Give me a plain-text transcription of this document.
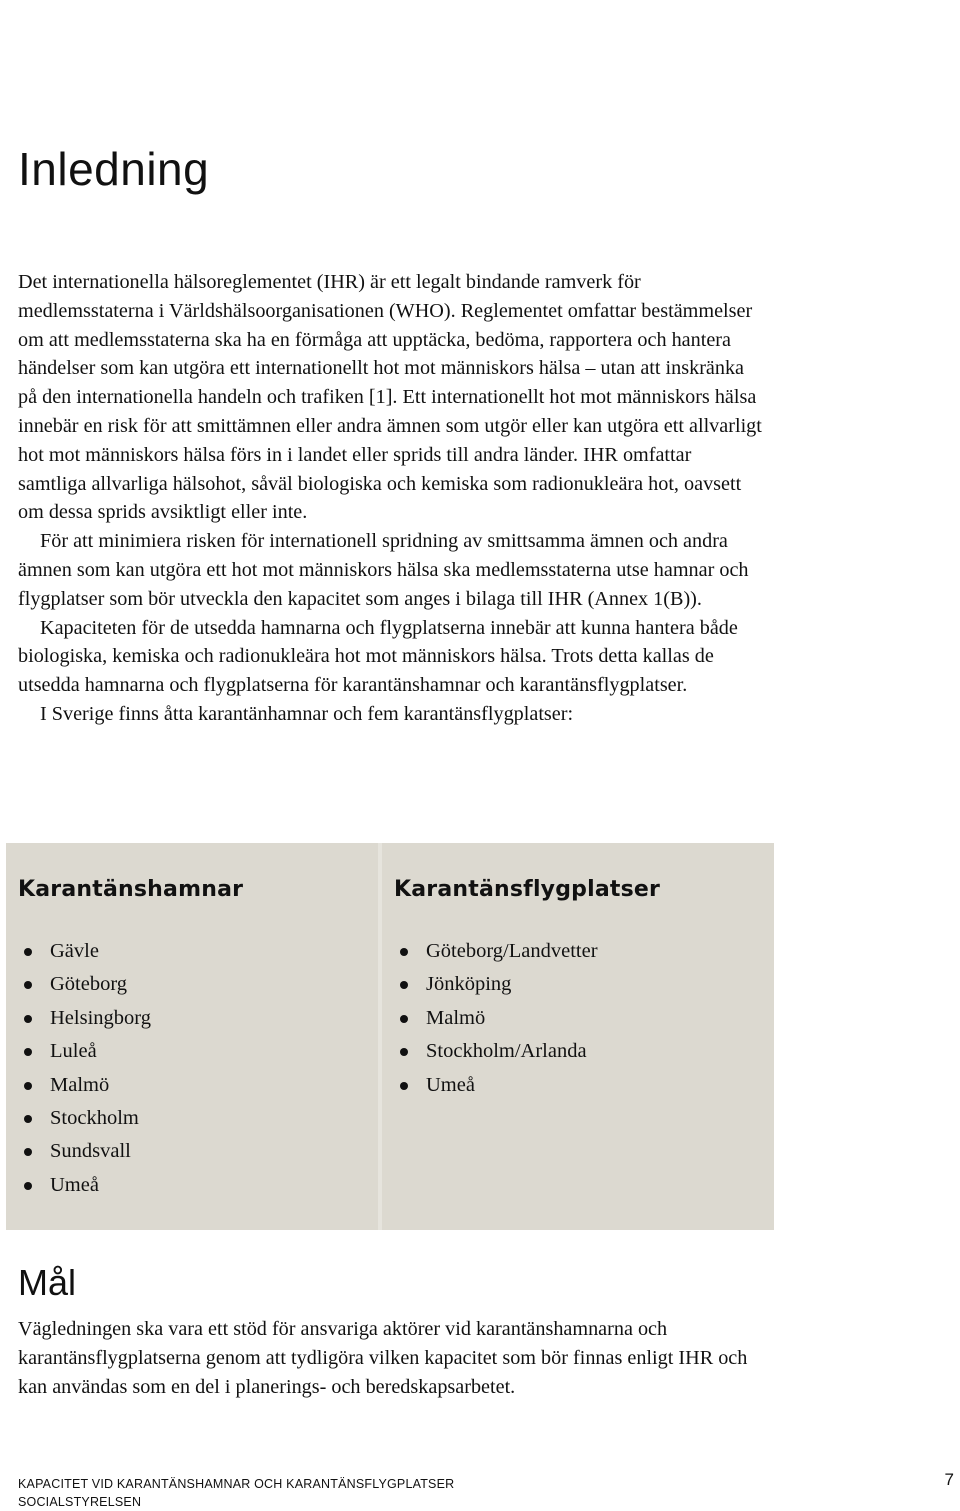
Inledning

Det internationella hälsoreglementet (IHR) är ett legalt bindande ramverk för medlemsstaterna i Världshälsoorganisationen (WHO). Reglementet omfattar bestämmelser om att medlemsstaterna ska ha en förmåga att upptäcka, bedöma, rapportera och hantera händelser som kan utgöra ett internationellt hot mot människors hälsa – utan att inskränka på den internationella handeln och trafiken [1]. Ett internationellt hot mot människors hälsa innebär en risk för att smittämnen eller andra ämnen som utgör eller kan utgöra ett allvarligt hot mot människors hälsa förs in i landet eller sprids till andra länder. IHR omfattar samtliga allvarliga hälsohot, såväl biologiska och kemiska som radionukleära hot, oavsett om dessa sprids avsiktligt eller inte.

För att minimiera risken för internationell spridning av smittsamma ämnen och andra ämnen som kan utgöra ett hot mot människors hälsa ska medlemsstaterna utse hamnar och flygplatser som bör utveckla den kapacitet som anges i bilaga till IHR (Annex 1(B)).

Kapaciteten för de utsedda hamnarna och flygplatserna innebär att kunna hantera både biologiska, kemiska och radionukleära hot mot människors hälsa. Trots detta kallas de utsedda hamnarna och flygplatserna för karantänshamnar och karantänsflygplatser.

I Sverige finns åtta karantänhamnar och fem karantänsflygplatser:

Karantänshamnar
Gävle
Göteborg
Helsingborg
Luleå
Malmö
Stockholm
Sundsvall
Umeå
Karantänsflygplatser
Göteborg/Landvetter
Jönköping
Malmö
Stockholm/Arlanda
Umeå
Mål

Vägledningen ska vara ett stöd för ansvariga aktörer vid karantänshamnarna och karantänsflygplatserna genom att tydligöra vilken kapacitet som bör finnas enligt IHR och kan användas som en del i planerings- och beredskapsarbetet.

KAPACITET VID KARANTÄNSHAMNAR OCH KARANTÄNSFLYGPLATSER
SOCIALSTYRELSEN
7
